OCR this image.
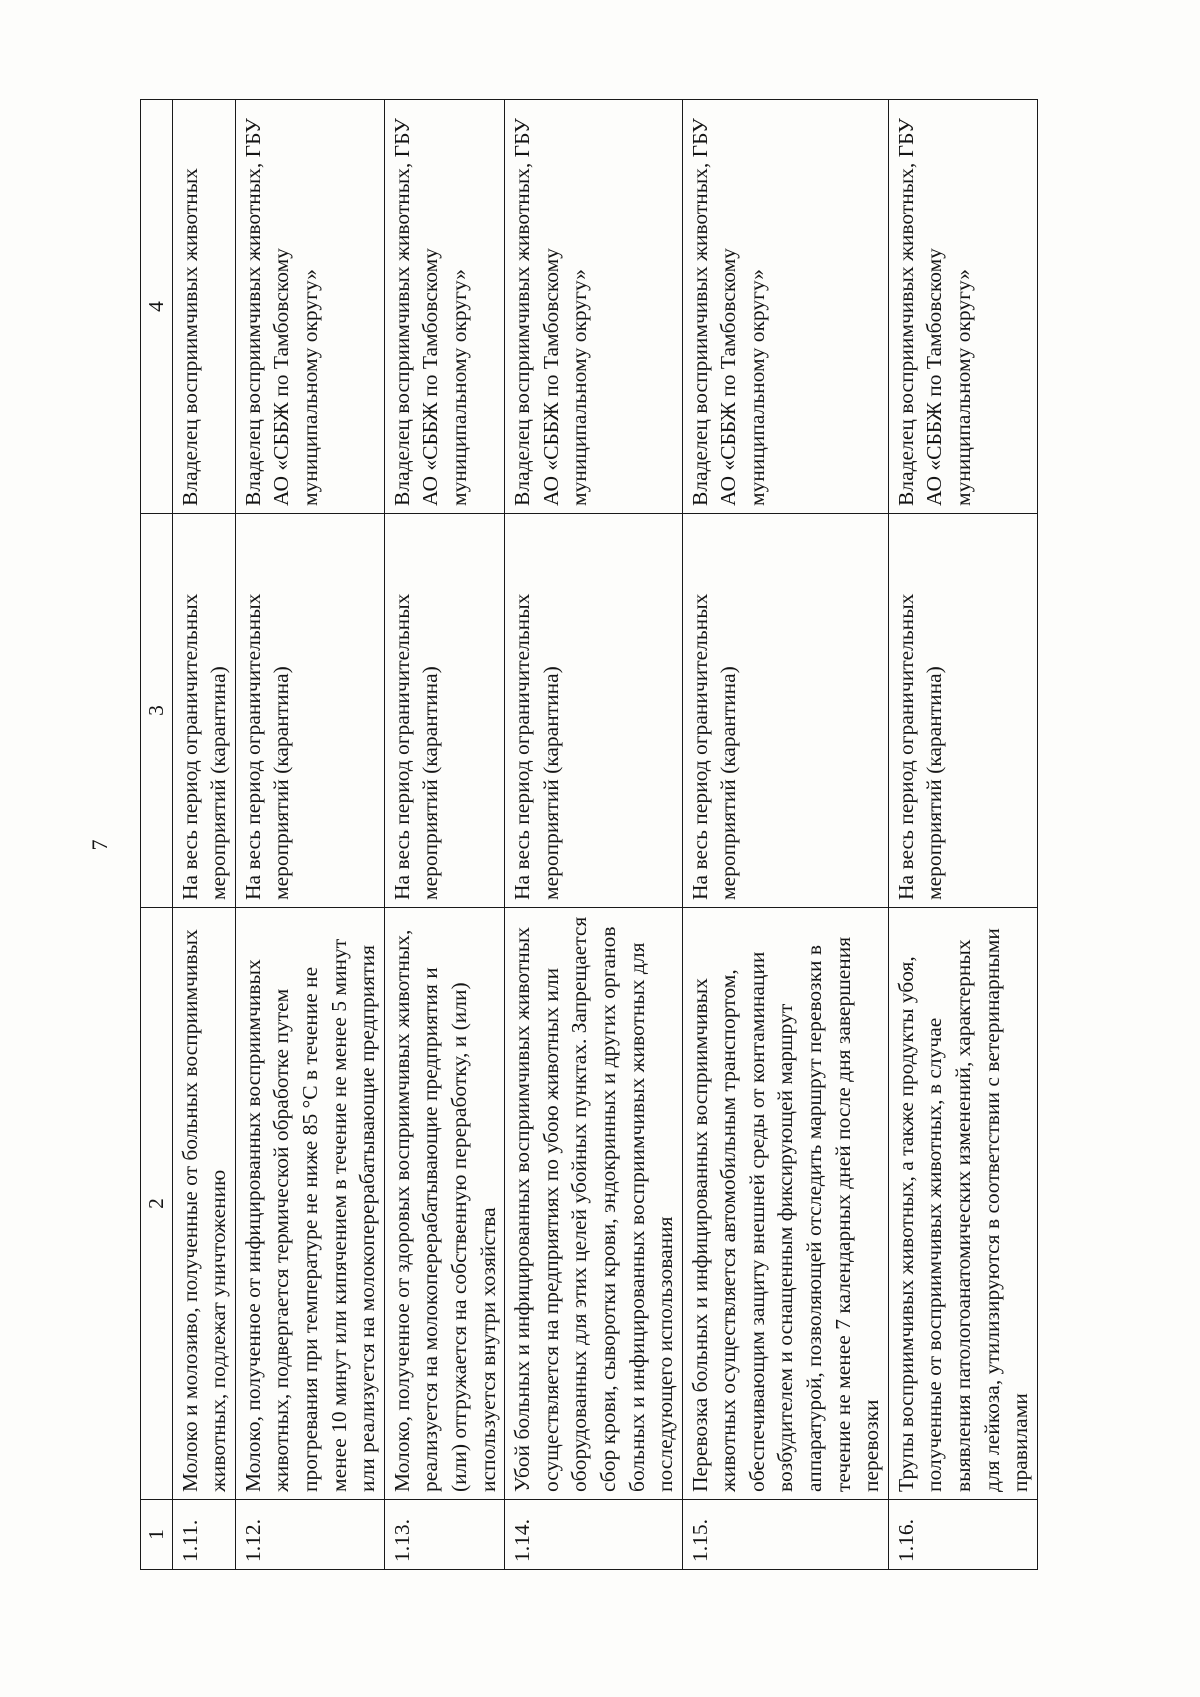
7
1	2	3	4
1.11.	Молоко и молозиво, полученные от больных восприимчивых животных, подлежат уничтожению	На весь период ограничительных мероприятий (карантина)	Владелец восприимчивых животных
1.12.	Молоко, полученное от инфицированных восприимчивых животных, подвергается термической обработке путем прогревания при температуре не ниже 85 °C в течение не менее 10 минут или кипячением в течение не менее 5 минут или реализуется на молокоперерабатывающие предприятия	На весь период ограничительных мероприятий (карантина)	Владелец восприимчивых животных, ГБУ АО «СББЖ по Тамбовскому муниципальному округу»
1.13.	Молоко, полученное от здоровых восприимчивых животных, реализуется на молокоперерабатывающие предприятия и (или) отгружается на собственную переработку, и (или) используется внутри хозяйства	На весь период ограничительных мероприятий (карантина)	Владелец восприимчивых животных, ГБУ АО «СББЖ по Тамбовскому муниципальному округу»
1.14.	Убой больных и инфицированных восприимчивых животных осуществляется на предприятиях по убою животных или оборудованных для этих целей убойных пунктах. Запрещается сбор крови, сыворотки крови, эндокринных и других органов больных и инфицированных восприимчивых животных для последующего использования	На весь период ограничительных мероприятий (карантина)	Владелец восприимчивых животных, ГБУ АО «СББЖ по Тамбовскому муниципальному округу»
1.15.	Перевозка больных и инфицированных восприимчивых животных осуществляется автомобильным транспортом, обеспечивающим защиту внешней среды от контаминации возбудителем и оснащенным фиксирующей маршрут аппаратурой, позволяющей отследить маршрут перевозки в течение не менее 7 календарных дней после дня завершения перевозки	На весь период ограничительных мероприятий (карантина)	Владелец восприимчивых животных, ГБУ АО «СББЖ по Тамбовскому муниципальному округу»
1.16.	Трупы восприимчивых животных, а также продукты убоя, полученные от восприимчивых животных, в случае выявления патологоанатомических изменений, характерных для лейкоза, утилизируются в соответствии с ветеринарными правилами	На весь период ограничительных мероприятий (карантина)	Владелец восприимчивых животных, ГБУ АО «СББЖ по Тамбовскому муниципальному округу»
